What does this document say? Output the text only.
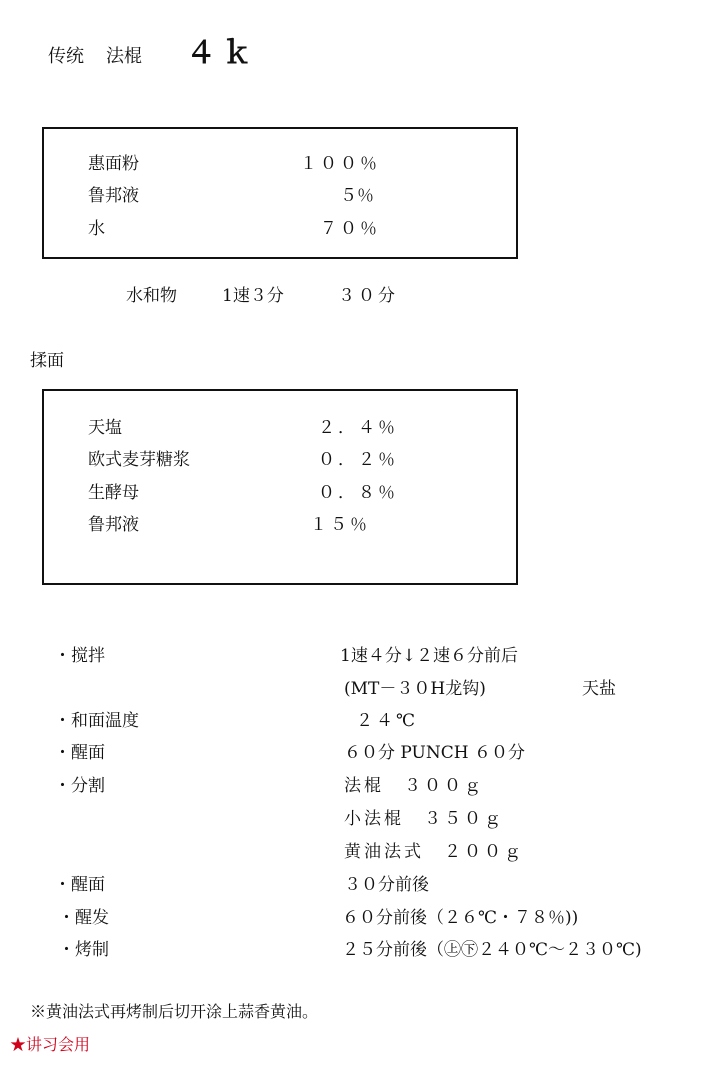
传统 法棍 ４ｋ
惠面粉	１００％
鲁邦液	５％
水	７０％
水和物	1速３分	３０分
揉面
天塩	２．４％
欧式麦芽糖浆	０．２％
生酵母	０．８％
鲁邦液	１５％
・搅拌	1速４分↓２速６分前后
(MT－３０H龙钩)	天盐
・和面温度	２４℃
・醒面	６０分 PUNCH ６０分
・分割	法棍　３００ｇ
小法棍　３５０ｇ
黄油法式　２００ｇ
・醒面	３０分前後
・醒发	６０分前後（２６℃・７８％))
・烤制	２５分前後（㊤㊦２４０℃～２３０℃)
※黄油法式再烤制后切开涂上蒜香黄油。
★讲习会用
